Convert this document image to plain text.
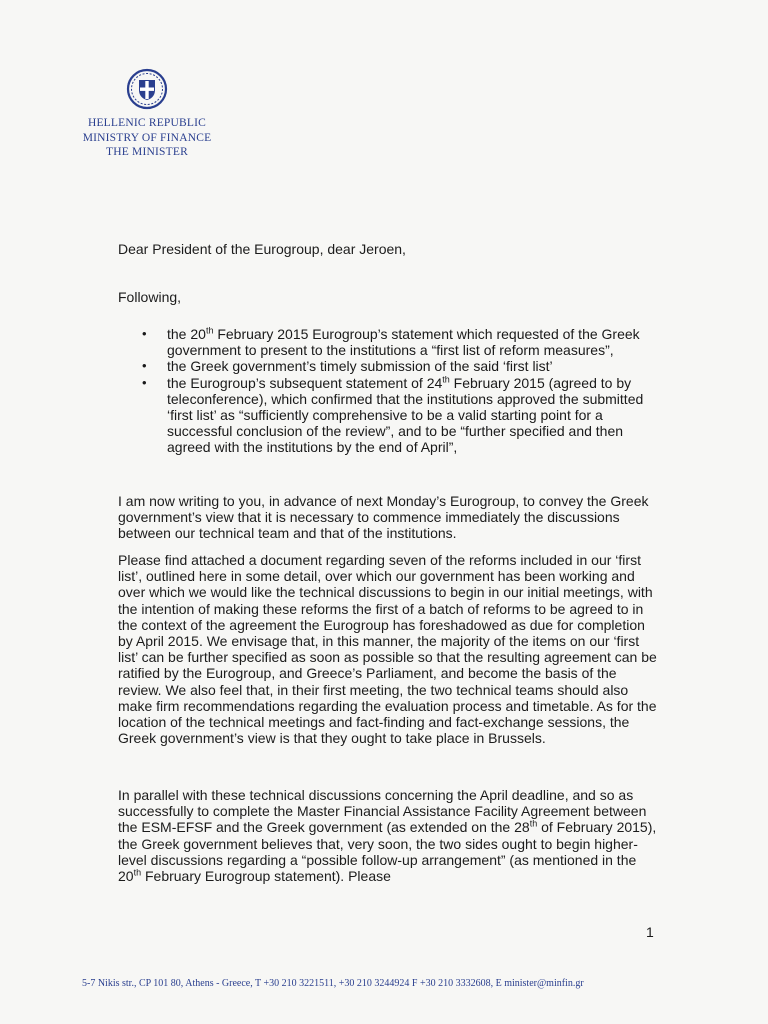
HELLENIC REPUBLIC
MINISTRY OF FINANCE
THE MINISTER
Dear President of the Eurogroup, dear Jeroen,
Following,
• the 20th February 2015 Eurogroup’s statement which requested of the Greek government to present to the institutions a “first list of reform measures”,
• the Greek government’s timely submission of the said ‘first list’
• the Eurogroup’s subsequent statement of 24th February 2015 (agreed to by teleconference), which confirmed that the institutions approved the submitted ‘first list’ as “sufficiently comprehensive to be a valid starting point for a successful conclusion of the review”, and to be “further specified and then agreed with the institutions by the end of April”,
I am now writing to you, in advance of next Monday’s Eurogroup, to convey the Greek government’s view that it is necessary to commence immediately the discussions between our technical team and that of the institutions.
Please find attached a document regarding seven of the reforms included in our ‘first list’, outlined here in some detail, over which our government has been working and over which we would like the technical discussions to begin in our initial meetings, with the intention of making these reforms the first of a batch of reforms to be agreed to in the context of the agreement the Eurogroup has foreshadowed as due for completion by April 2015. We envisage that, in this manner, the majority of the items on our ‘first list’ can be further specified as soon as possible so that the resulting agreement can be ratified by the Eurogroup, and Greece’s Parliament, and become the basis of the review. We also feel that, in their first meeting, the two technical teams should also make firm recommendations regarding the evaluation process and timetable. As for the location of the technical meetings and fact-finding and fact-exchange sessions, the Greek government’s view is that they ought to take place in Brussels.
In parallel with these technical discussions concerning the April deadline, and so as successfully to complete the Master Financial Assistance Facility Agreement between the ESM-EFSF and the Greek government (as extended on the 28th of February 2015), the Greek government believes that, very soon, the two sides ought to begin higher-level discussions regarding a “possible follow-up arrangement” (as mentioned in the 20th February Eurogroup statement). Please
1
5-7 Nikis str., CP 101 80, Athens - Greece, T +30 210 3221511, +30 210 3244924 F +30 210 3332608, E minister@minfin.gr
